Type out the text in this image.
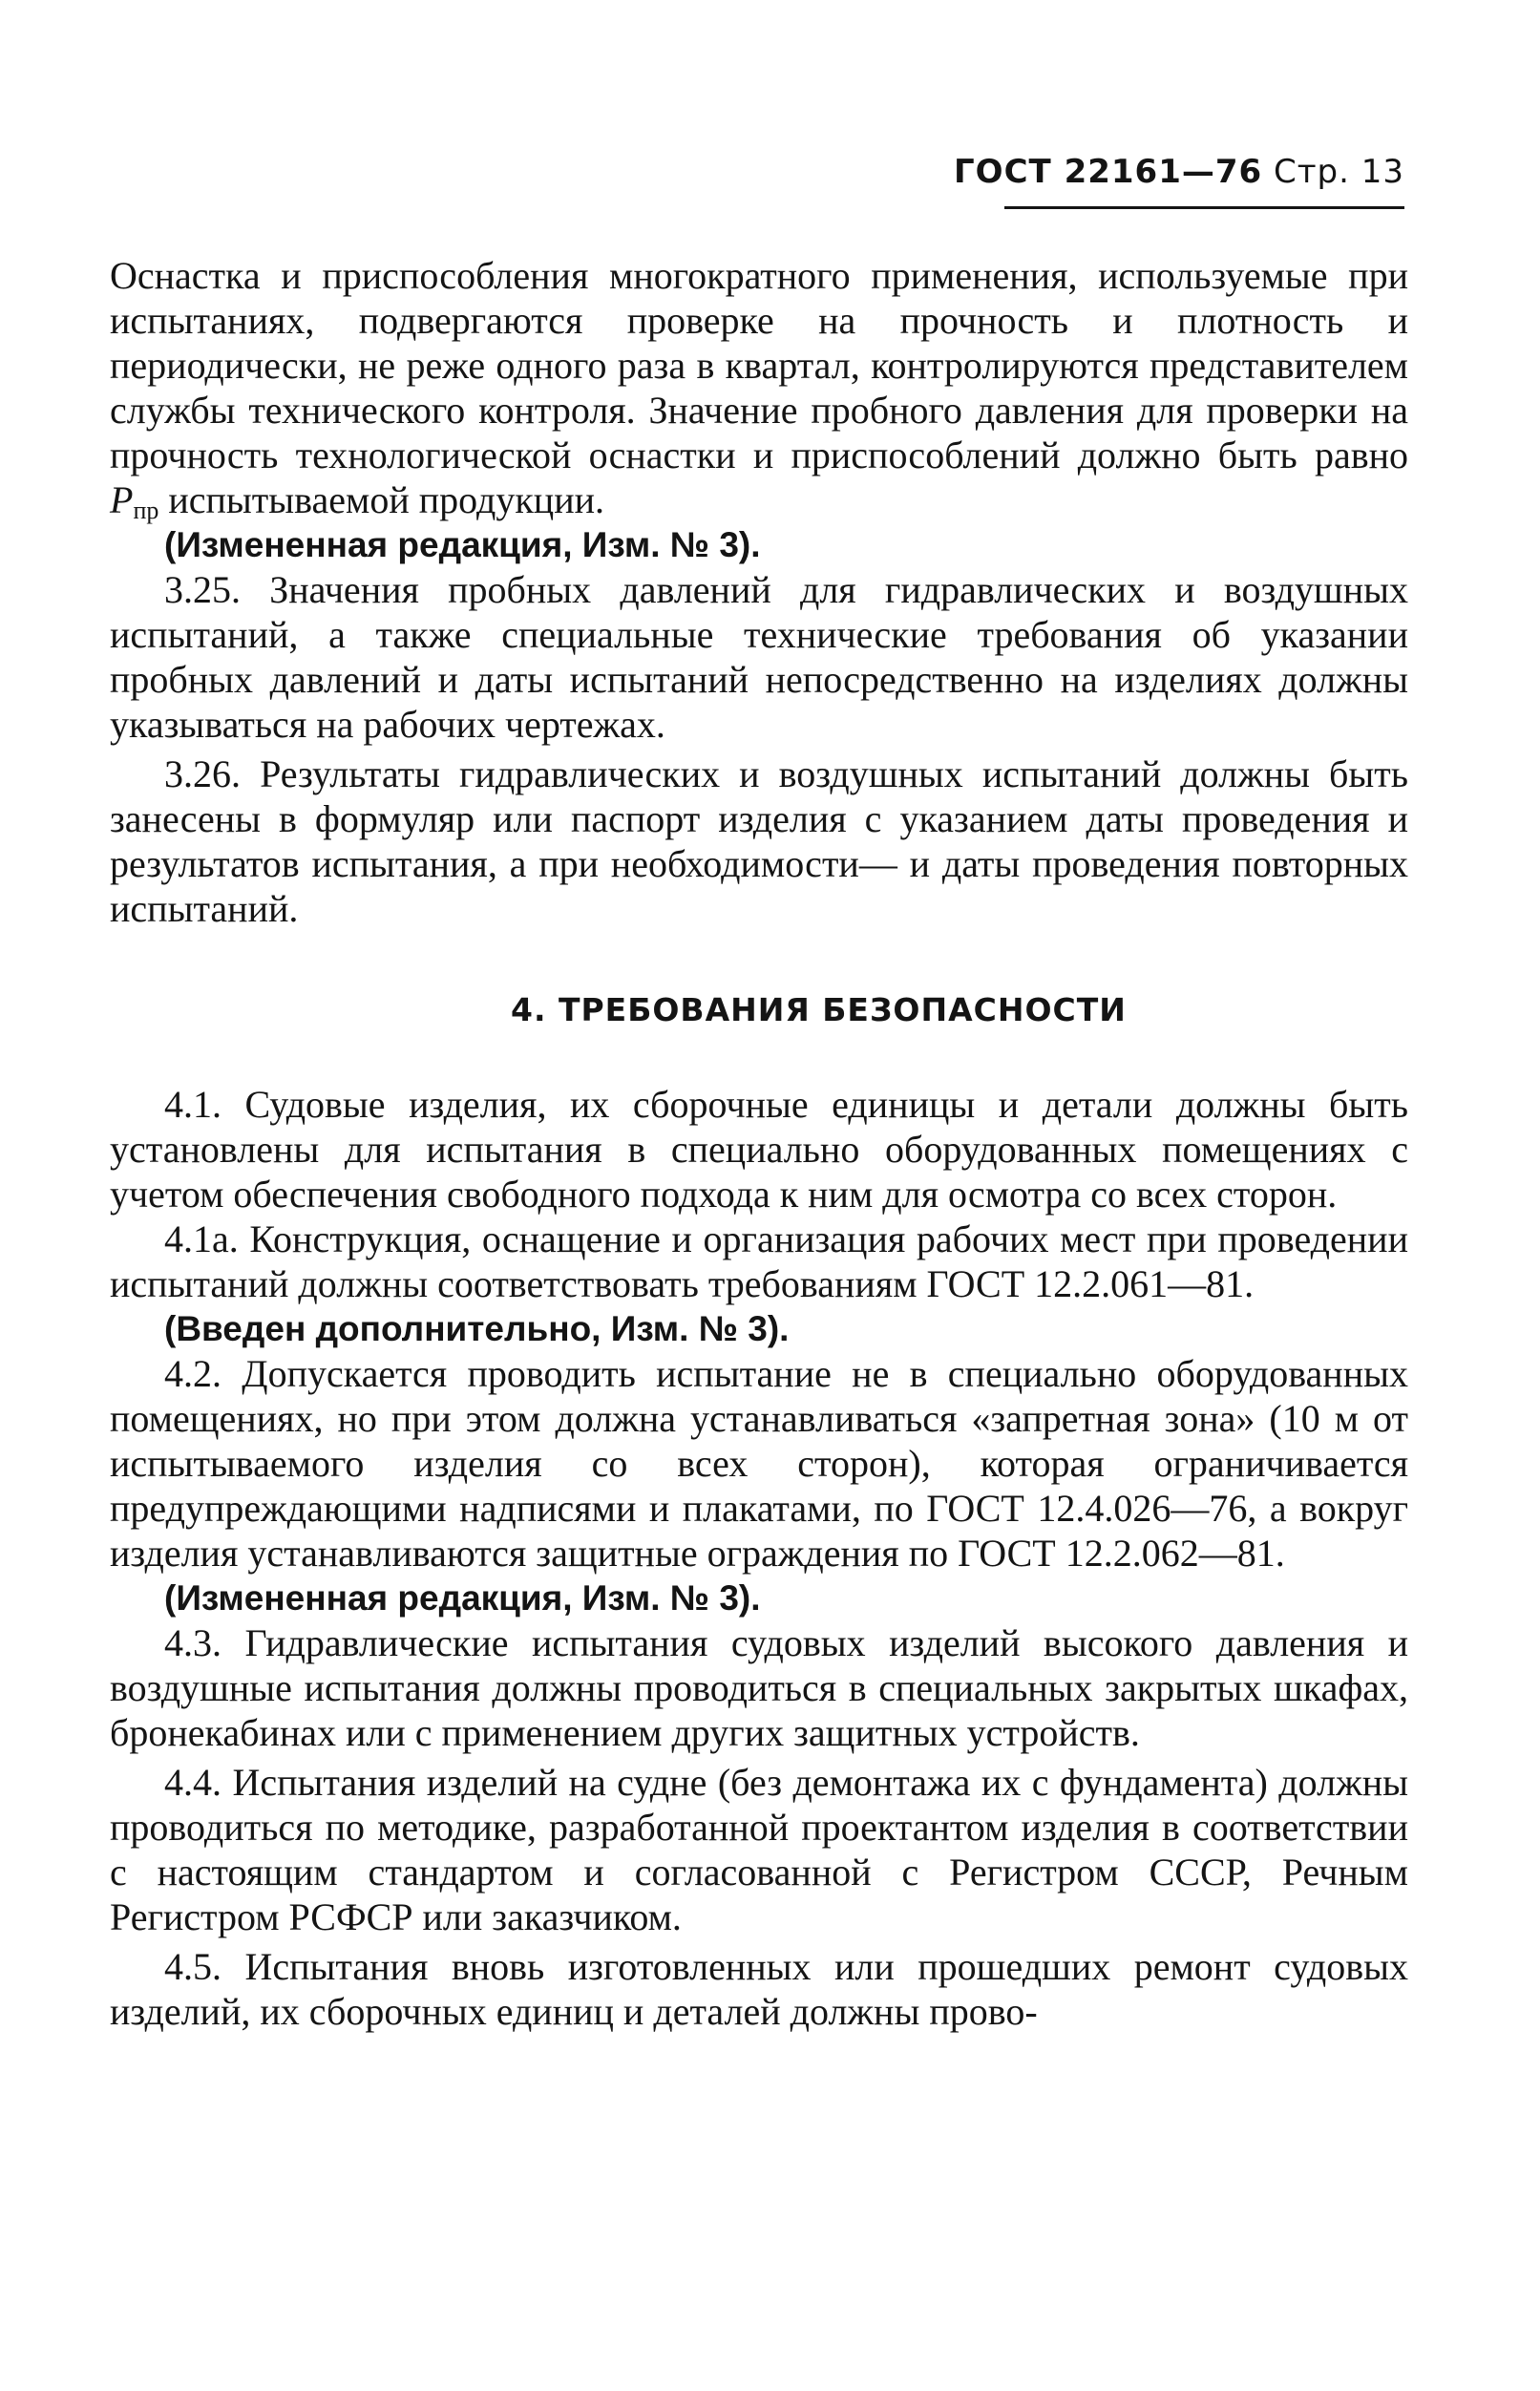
ГОСТ 22161—76 Стр. 13

Оснастка и приспособления многократного применения, используемые при испытаниях, подвергаются проверке на прочность и плотность и периодически, не реже одного раза в квартал, контролируются представителем службы технического контроля. Значение пробного давления для проверки на прочность технологической оснастки и приспособлений должно быть равно $P_{пр}$ испытываемой продукции.

(Измененная редакция, Изм. № 3).

3.25. Значения пробных давлений для гидравлических и воздушных испытаний, а также специальные технические требования об указании пробных давлений и даты испытаний непосредственно на изделиях должны указываться на рабочих чертежах.

3.26. Результаты гидравлических и воздушных испытаний должны быть занесены в формуляр или паспорт изделия с указанием даты проведения и результатов испытания, а при необходимости— и даты проведения повторных испытаний.

4. ТРЕБОВАНИЯ БЕЗОПАСНОСТИ

4.1. Судовые изделия, их сборочные единицы и детали должны быть установлены для испытания в специально оборудованных помещениях с учетом обеспечения свободного подхода к ним для осмотра со всех сторон.

4.1а. Конструкция, оснащение и организация рабочих мест при проведении испытаний должны соответствовать требованиям ГОСТ 12.2.061—81.

(Введен дополнительно, Изм. № 3).

4.2. Допускается проводить испытание не в специально оборудованных помещениях, но при этом должна устанавливаться «запретная зона» (10 м от испытываемого изделия со всех сторон), которая ограничивается предупреждающими надписями и плакатами, по ГОСТ 12.4.026—76, а вокруг изделия устанавливаются защитные ограждения по ГОСТ 12.2.062—81.

(Измененная редакция, Изм. № 3).

4.3. Гидравлические испытания судовых изделий высокого давления и воздушные испытания должны проводиться в специальных закрытых шкафах, бронекабинах или с применением других защитных устройств.

4.4. Испытания изделий на судне (без демонтажа их с фундамента) должны проводиться по методике, разработанной проектантом изделия в соответствии с настоящим стандартом и согласованной с Регистром СССР, Речным Регистром РСФСР или заказчиком.

4.5. Испытания вновь изготовленных или прошедших ремонт судовых изделий, их сборочных единиц и деталей должны прово-
